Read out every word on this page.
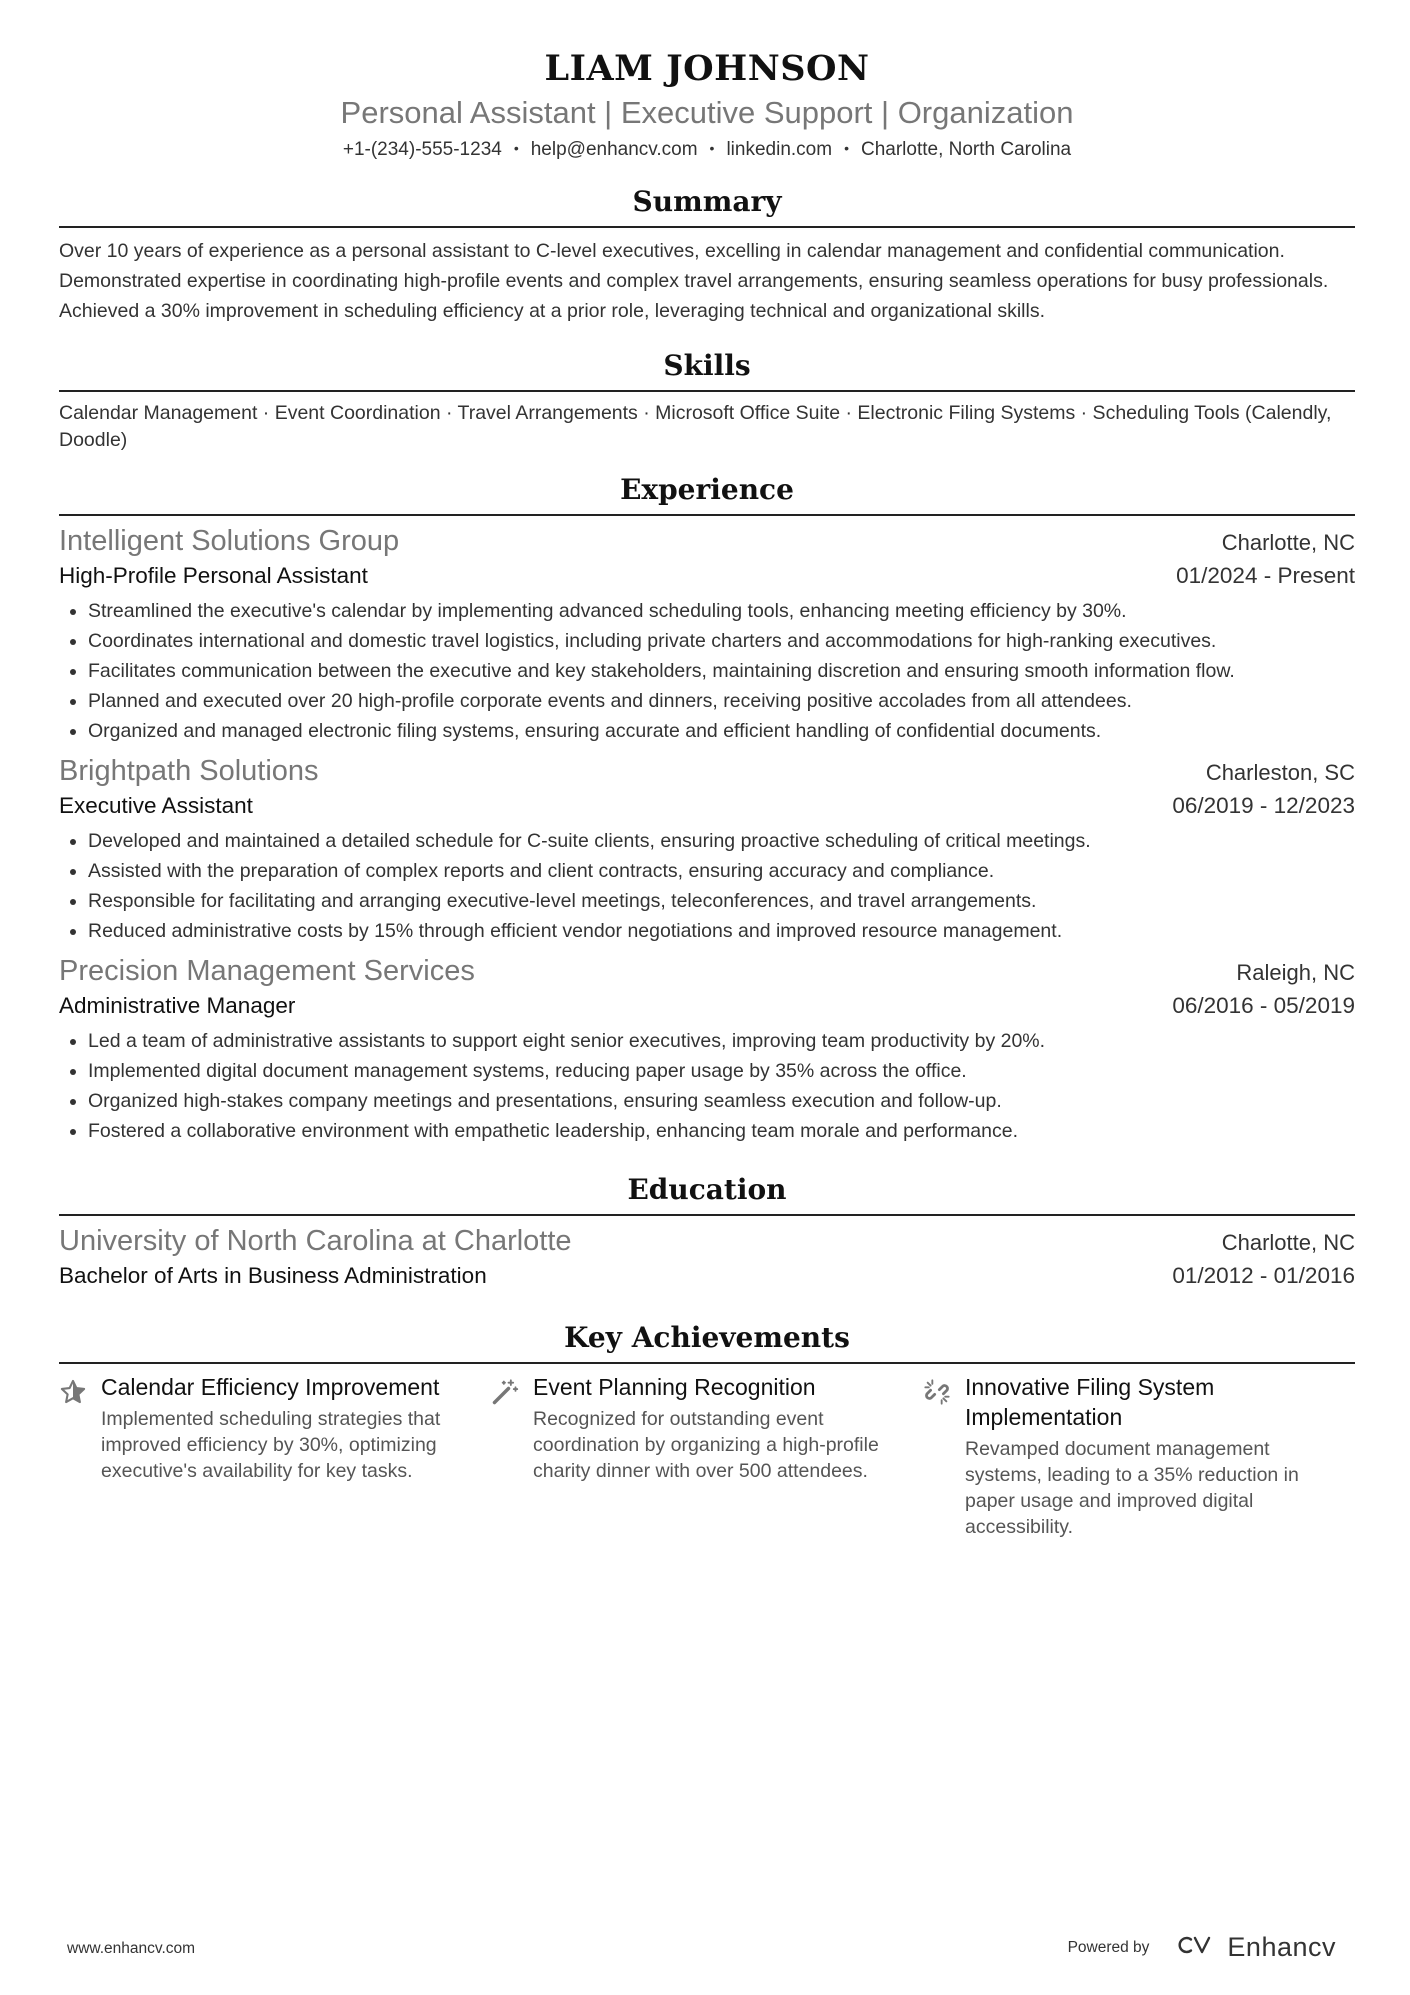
LIAM JOHNSON
Personal Assistant | Executive Support | Organization
+1-(234)-555-1234 • help@enhancv.com • linkedin.com • Charlotte, North Carolina
Summary
Over 10 years of experience as a personal assistant to C-level executives, excelling in calendar management and confidential communication. Demonstrated expertise in coordinating high-profile events and complex travel arrangements, ensuring seamless operations for busy professionals. Achieved a 30% improvement in scheduling efficiency at a prior role, leveraging technical and organizational skills.
Skills
Calendar Management · Event Coordination · Travel Arrangements · Microsoft Office Suite · Electronic Filing Systems · Scheduling Tools (Calendly, Doodle)
Experience
Intelligent Solutions Group	Charlotte, NC
High-Profile Personal Assistant	01/2024 - Present
• Streamlined the executive's calendar by implementing advanced scheduling tools, enhancing meeting efficiency by 30%.
• Coordinates international and domestic travel logistics, including private charters and accommodations for high-ranking executives.
• Facilitates communication between the executive and key stakeholders, maintaining discretion and ensuring smooth information flow.
• Planned and executed over 20 high-profile corporate events and dinners, receiving positive accolades from all attendees.
• Organized and managed electronic filing systems, ensuring accurate and efficient handling of confidential documents.
Brightpath Solutions	Charleston, SC
Executive Assistant	06/2019 - 12/2023
• Developed and maintained a detailed schedule for C-suite clients, ensuring proactive scheduling of critical meetings.
• Assisted with the preparation of complex reports and client contracts, ensuring accuracy and compliance.
• Responsible for facilitating and arranging executive-level meetings, teleconferences, and travel arrangements.
• Reduced administrative costs by 15% through efficient vendor negotiations and improved resource management.
Precision Management Services	Raleigh, NC
Administrative Manager	06/2016 - 05/2019
• Led a team of administrative assistants to support eight senior executives, improving team productivity by 20%.
• Implemented digital document management systems, reducing paper usage by 35% across the office.
• Organized high-stakes company meetings and presentations, ensuring seamless execution and follow-up.
• Fostered a collaborative environment with empathetic leadership, enhancing team morale and performance.
Education
University of North Carolina at Charlotte	Charlotte, NC
Bachelor of Arts in Business Administration	01/2012 - 01/2016
Key Achievements
Calendar Efficiency Improvement
Implemented scheduling strategies that improved efficiency by 30%, optimizing executive's availability for key tasks.
Event Planning Recognition
Recognized for outstanding event coordination by organizing a high-profile charity dinner with over 500 attendees.
Innovative Filing System Implementation
Revamped document management systems, leading to a 35% reduction in paper usage and improved digital accessibility.
www.enhancv.com	Powered by	Enhancv
